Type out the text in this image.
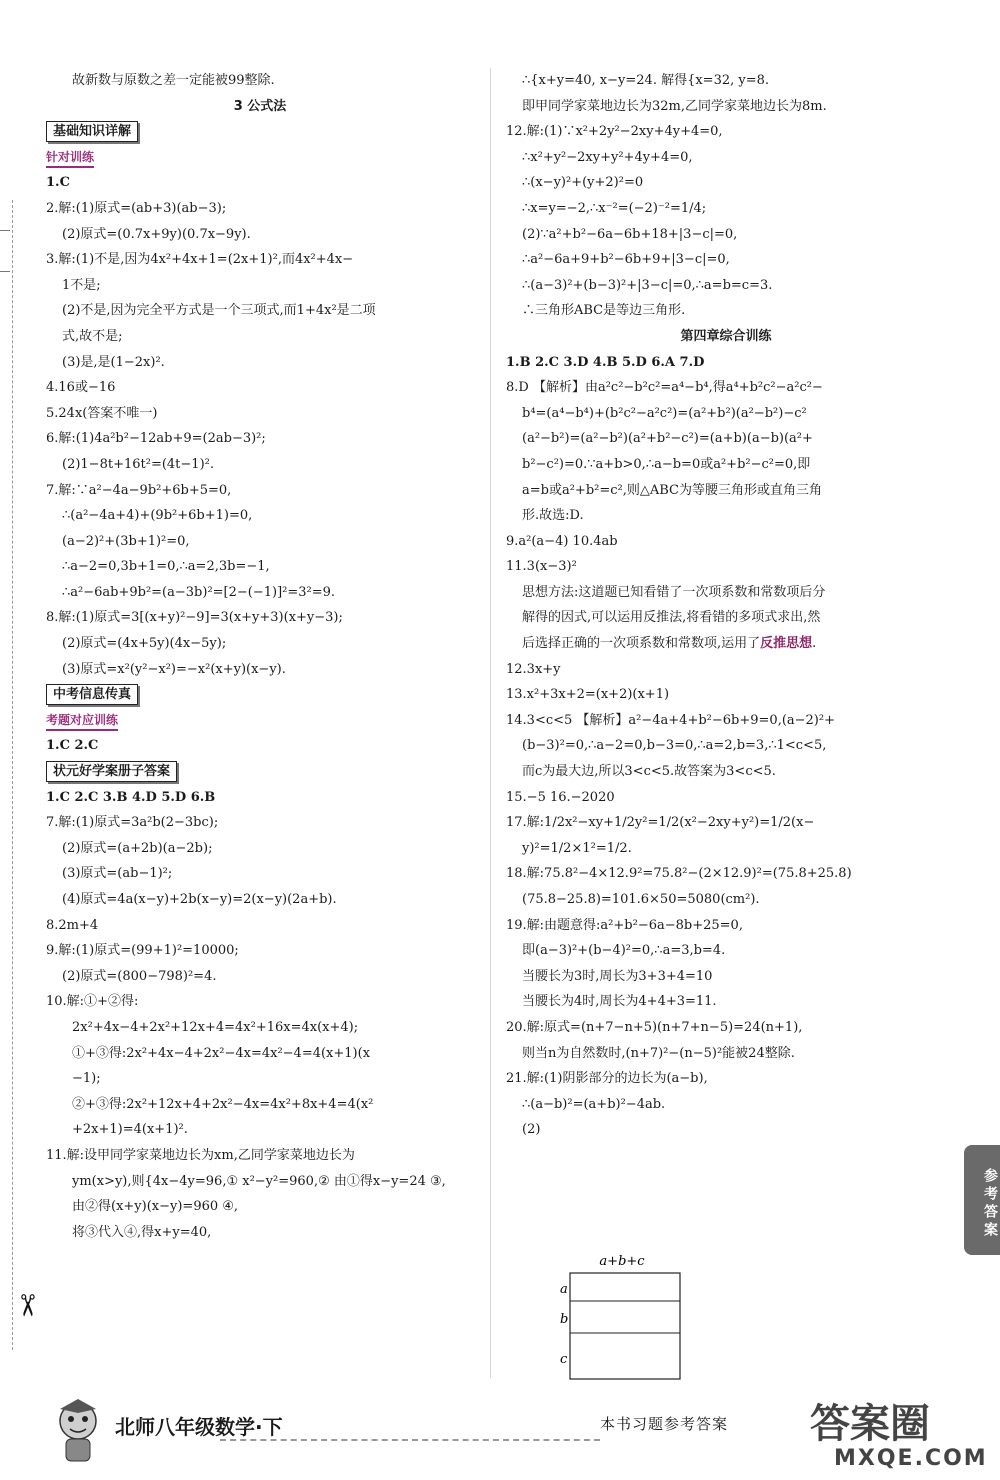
✂
故新数与原数之差一定能被99整除.
3 公式法
基础知识详解
针对训练
1.C
2.解:(1)原式=(ab+3)(ab−3);
(2)原式=(0.7x+9y)(0.7x−9y).
3.解:(1)不是,因为4x²+4x+1=(2x+1)²,而4x²+4x−
1不是;
(2)不是,因为完全平方式是一个三项式,而1+4x²是二项
式,故不是;
(3)是,是(1−2x)².
4.16或−16
5.24x(答案不唯一)
6.解:(1)4a²b²−12ab+9=(2ab−3)²;
(2)1−8t+16t²=(4t−1)².
7.解:∵a²−4a−9b²+6b+5=0,
∴(a²−4a+4)+(9b²+6b+1)=0,
(a−2)²+(3b+1)²=0,
∴a−2=0,3b+1=0,∴a=2,3b=−1,
∴a²−6ab+9b²=(a−3b)²=[2−(−1)]²=3²=9.
8.解:(1)原式=3[(x+y)²−9]=3(x+y+3)(x+y−3);
(2)原式=(4x+5y)(4x−5y);
(3)原式=x²(y²−x²)=−x²(x+y)(x−y).
中考信息传真
考题对应训练
1.C 2.C
状元好学案册子答案
1.C 2.C 3.B 4.D 5.D 6.B
7.解:(1)原式=3a²b(2−3bc);
(2)原式=(a+2b)(a−2b);
(3)原式=(ab−1)²;
(4)原式=4a(x−y)+2b(x−y)=2(x−y)(2a+b).
8.2m+4
9.解:(1)原式=(99+1)²=10000;
(2)原式=(800−798)²=4.
10.解:①+②得:
2x²+4x−4+2x²+12x+4=4x²+16x=4x(x+4);
①+③得:2x²+4x−4+2x²−4x=4x²−4=4(x+1)(x
−1);
②+③得:2x²+12x+4+2x²−4x=4x²+8x+4=4(x²
+2x+1)=4(x+1)².
11.解:设甲同学家菜地边长为xm,乙同学家菜地边长为
ym(x>y),则{4x−4y=96,① x²−y²=960,② 由①得x−y=24 ③,
由②得(x+y)(x−y)=960 ④,
将③代入④,得x+y=40,
∴{x+y=40, x−y=24. 解得{x=32, y=8.
即甲同学家菜地边长为32m,乙同学家菜地边长为8m.
12.解:(1)∵x²+2y²−2xy+4y+4=0,
∴x²+y²−2xy+y²+4y+4=0,
∴(x−y)²+(y+2)²=0
∴x=y=−2,∴x⁻²=(−2)⁻²=1/4;
(2)∵a²+b²−6a−6b+18+|3−c|=0,
∴a²−6a+9+b²−6b+9+|3−c|=0,
∴(a−3)²+(b−3)²+|3−c|=0,∴a=b=c=3.
∴三角形ABC是等边三角形.
第四章综合训练
1.B 2.C 3.D 4.B 5.D 6.A 7.D
8.D 【解析】由a²c²−b²c²=a⁴−b⁴,得a⁴+b²c²−a²c²−
b⁴=(a⁴−b⁴)+(b²c²−a²c²)=(a²+b²)(a²−b²)−c²
(a²−b²)=(a²−b²)(a²+b²−c²)=(a+b)(a−b)(a²+
b²−c²)=0.∵a+b>0,∴a−b=0或a²+b²−c²=0,即
a=b或a²+b²=c²,则△ABC为等腰三角形或直角三角
形.故选:D.
9.a²(a−4) 10.4ab
11.3(x−3)²
思想方法:这道题已知看错了一次项系数和常数项后分
解得的因式,可以运用反推法,将看错的多项式求出,然
后选择正确的一次项系数和常数项,运用了反推思想.
12.3x+y
13.x²+3x+2=(x+2)(x+1)
14.3<c<5 【解析】a²−4a+4+b²−6b+9=0,(a−2)²+
(b−3)²=0,∴a−2=0,b−3=0,∴a=2,b=3,∴1<c<5,
而c为最大边,所以3<c<5.故答案为3<c<5.
15.−5 16.−2020
17.解:1/2x²−xy+1/2y²=1/2(x²−2xy+y²)=1/2(x−
y)²=1/2×1²=1/2.
18.解:75.8²−4×12.9²=75.8²−(2×12.9)²=(75.8+25.8)
(75.8−25.8)=101.6×50=5080(cm²).
19.解:由题意得:a²+b²−6a−8b+25=0,
即(a−3)²+(b−4)²=0,∴a=3,b=4.
当腰长为3时,周长为3+3+4=10
当腰长为4时,周长为4+4+3=11.
20.解:原式=(n+7−n+5)(n+7+n−5)=24(n+1),
则当n为自然数时,(n+7)²−(n−5)²能被24整除.
21.解:(1)阴影部分的边长为(a−b),
∴(a−b)²=(a+b)²−4ab.
(2)
a+b+c
a
b
c
参考答案
北师八年级数学·下	本书习题参考答案 答案圈
MXQE.COM
